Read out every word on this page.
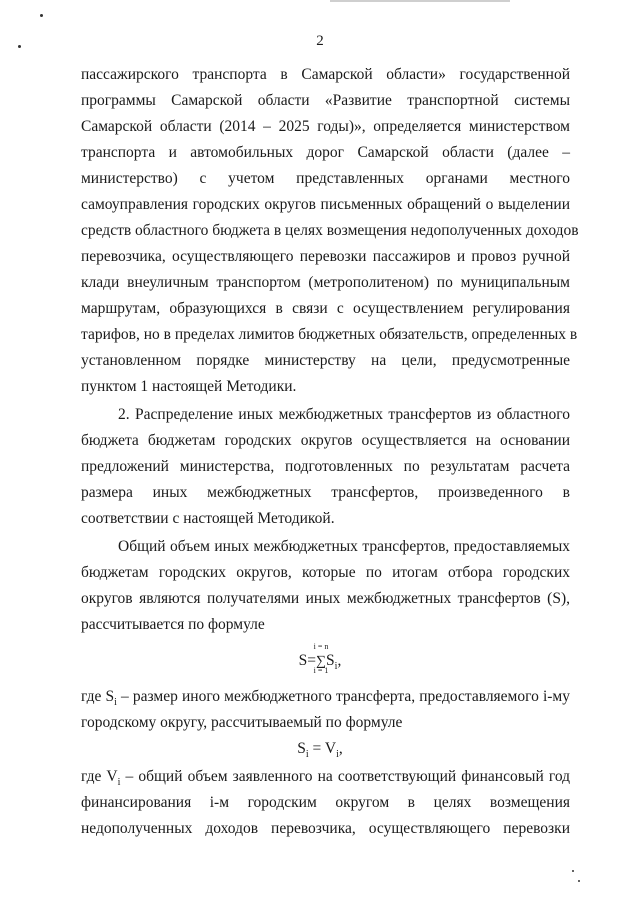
2
пассажирского транспорта в Самарской области» государственной
программы Самарской области «Развитие транспортной системы
Самарской области (2014 – 2025 годы)», определяется министерством
транспорта и автомобильных дорог Самарской области (далее –
министерство) с учетом представленных органами местного
самоуправления городских округов письменных обращений о выделении
средств областного бюджета в целях возмещения недополученных доходов
перевозчика, осуществляющего перевозки пассажиров и провоз ручной
клади внеуличным транспортом (метрополитеном) по муниципальным
маршрутам, образующихся в связи с осуществлением регулирования
тарифов, но в пределах лимитов бюджетных обязательств, определенных в
установленном порядке министерству на цели, предусмотренные
пунктом 1 настоящей Методики.
2. Распределение иных межбюджетных трансфертов из областного
бюджета бюджетам городских округов осуществляется на основании
предложений министерства, подготовленных по результатам расчета
размера иных межбюджетных трансфертов, произведенного в
соответствии с настоящей Методикой.
Общий объем иных межбюджетных трансфертов, предоставляемых
бюджетам городских округов, которые по итогам отбора городских
округов являются получателями иных межбюджетных трансфертов (S),
рассчитывается по формуле
S=
i = n
∑
i = 1
$S_i$,
где $S_i$ – размер иного межбюджетного трансферта, предоставляемого i-му
городскому округу, рассчитываемый по формуле
$S_i = V_i$,
где $V_i$ – общий объем заявленного на соответствующий финансовый год
финансирования i-м городским округом в целях возмещения
недополученных доходов перевозчика, осуществляющего перевозки
